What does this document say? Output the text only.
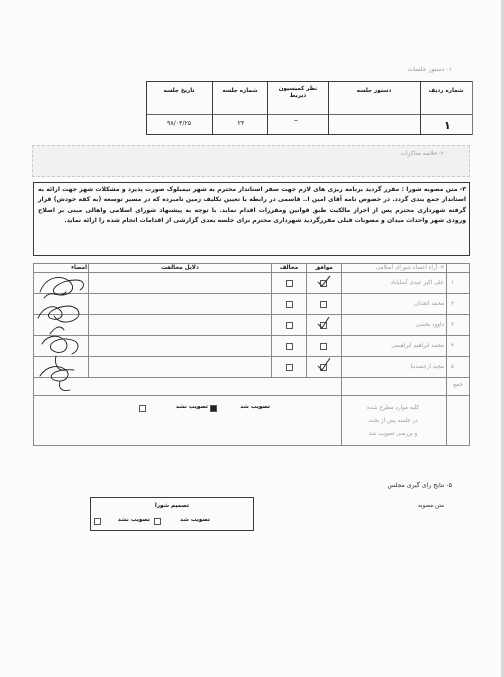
۱- دستور جلسات
شماره ردیف
دستور جلسه
نظر کمیسیون ذیربط
شماره جلسه
تاریخ جلسه
۱
ــ
۲۴
۹۸/۰۳/۲۵
۲- خلاصه مذاکرات
۳- متن مصوبه شورا : مقرر گردید برنامه ریزی های لازم جهت سفر استاندار محترم به شهر نیمبلوک صورت پذیرد و مشکلات شهر جهت ارائه به استاندار جمع بندی گردد. در خصوص نامه آقای امین ا.. قاسمی در رابطه با تعیین تکلیف زمین نامبرده که در مسیر توسعه (به کفه خودش) قرار گرفته شهرداری محترم پس از احراز مالکیت طبق قوانین ومقررات اقدام نماید. با توجه به پیشنهاد شورای اسلامی واهالی مبنی بر اصلاح ورودی شهر واحداث میدان و مصوبات قبلی مقررگردید شهرداری محترم برای جلسه بعدی گزارشی از اقدامات انجام شده را ارائه نماید.
۴- آراء اعضاء شورای اسلامی
موافق
مخالف
دلایل مخالفت
امضاء
۱
علی اکبر عیدی آسایاباد
۲
محمد انجدان
۳
داوود بخشی
۴
محمد ابراهیم ابراهیمی
۵
مجید ارجمندنیا
جمع
کلیه موارد مطرح شده
در جلسه پس از بحث
و بررسی تصویب شد
تصویب شد
تصویب نشد
۵- نتایج رای گیری مجلس
متن مصوبه
تصمیم شورا
تصویب شد
تصویب نشد
